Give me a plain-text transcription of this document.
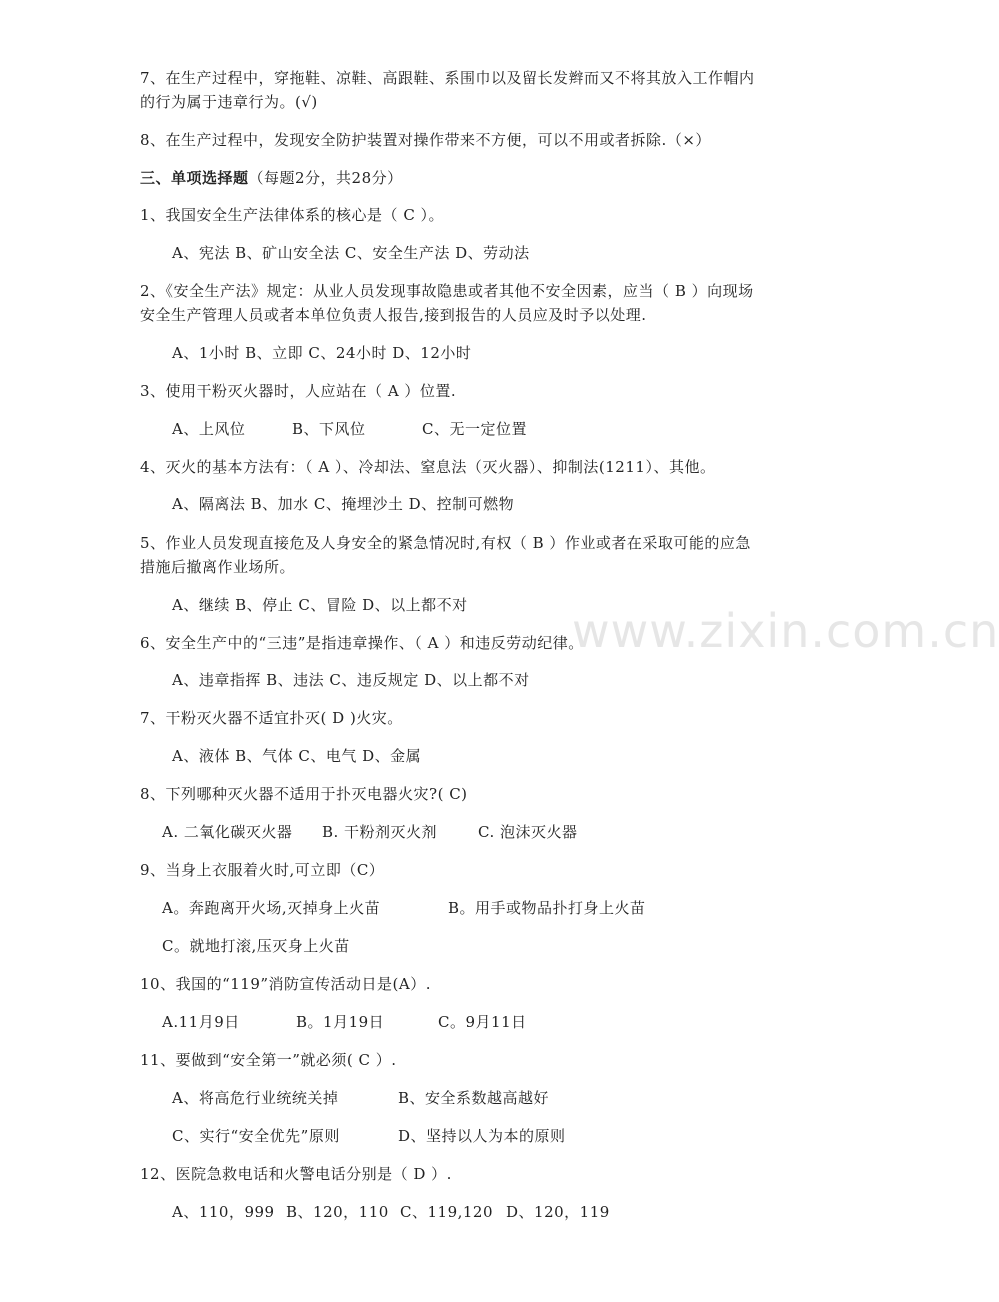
7、在生产过程中，穿拖鞋、凉鞋、高跟鞋、系围巾以及留长发辫而又不将其放入工作帽内
的行为属于违章行为。(√)
8、在生产过程中，发现安全防护装置对操作带来不方便，可以不用或者拆除.（×）
三、单项选择题（每题2分，共28分）
1、我国安全生产法律体系的核心是（ C ）。
A、宪法 B、矿山安全法 C、安全生产法 D、劳动法
2、《安全生产法》规定：从业人员发现事故隐患或者其他不安全因素，应当（ B ）向现场
安全生产管理人员或者本单位负责人报告,接到报告的人员应及时予以处理.
A、1小时 B、立即 C、24小时 D、12小时
3、使用干粉灭火器时，人应站在（ A ）位置.
A、上风位	B、下风位	C、无一定位置
4、灭火的基本方法有：（ A ）、冷却法、窒息法（灭火器）、抑制法(1211）、其他。
A、隔离法 B、加水 C、掩埋沙土 D、控制可燃物
5、作业人员发现直接危及人身安全的紧急情况时,有权（ B ）作业或者在采取可能的应急
措施后撤离作业场所。
A、继续 B、停止 C、冒险 D、以上都不对
6、安全生产中的“三违”是指违章操作、（ A ）和违反劳动纪律。
A、违章指挥 B、违法 C、违反规定 D、以上都不对
7、干粉灭火器不适宜扑灭( D )火灾。
A、液体 B、气体 C、电气 D、金属
8、下列哪种灭火器不适用于扑灭电器火灾?( C)
A. 二氧化碳灭火器 B. 干粉剂灭火剂	C. 泡沫灭火器
9、当身上衣服着火时,可立即（C）
A。奔跑离开火场,灭掉身上火苗	B。用手或物品扑打身上火苗
C。就地打滚,压灭身上火苗
10、我国的“119”消防宣传活动日是(A）.
A.11月9日	B。1月19日	C。9月11日
11、要做到“安全第一”就必须( C ）.
A、将高危行业统统关掉	B、安全系数越高越好
C、实行“安全优先”原则	D、坚持以人为本的原则
12、医院急救电话和火警电话分别是（ D ）.
A、110，999 B、120，110 C、119,120 D、120，119
www.zixin.com.cn
